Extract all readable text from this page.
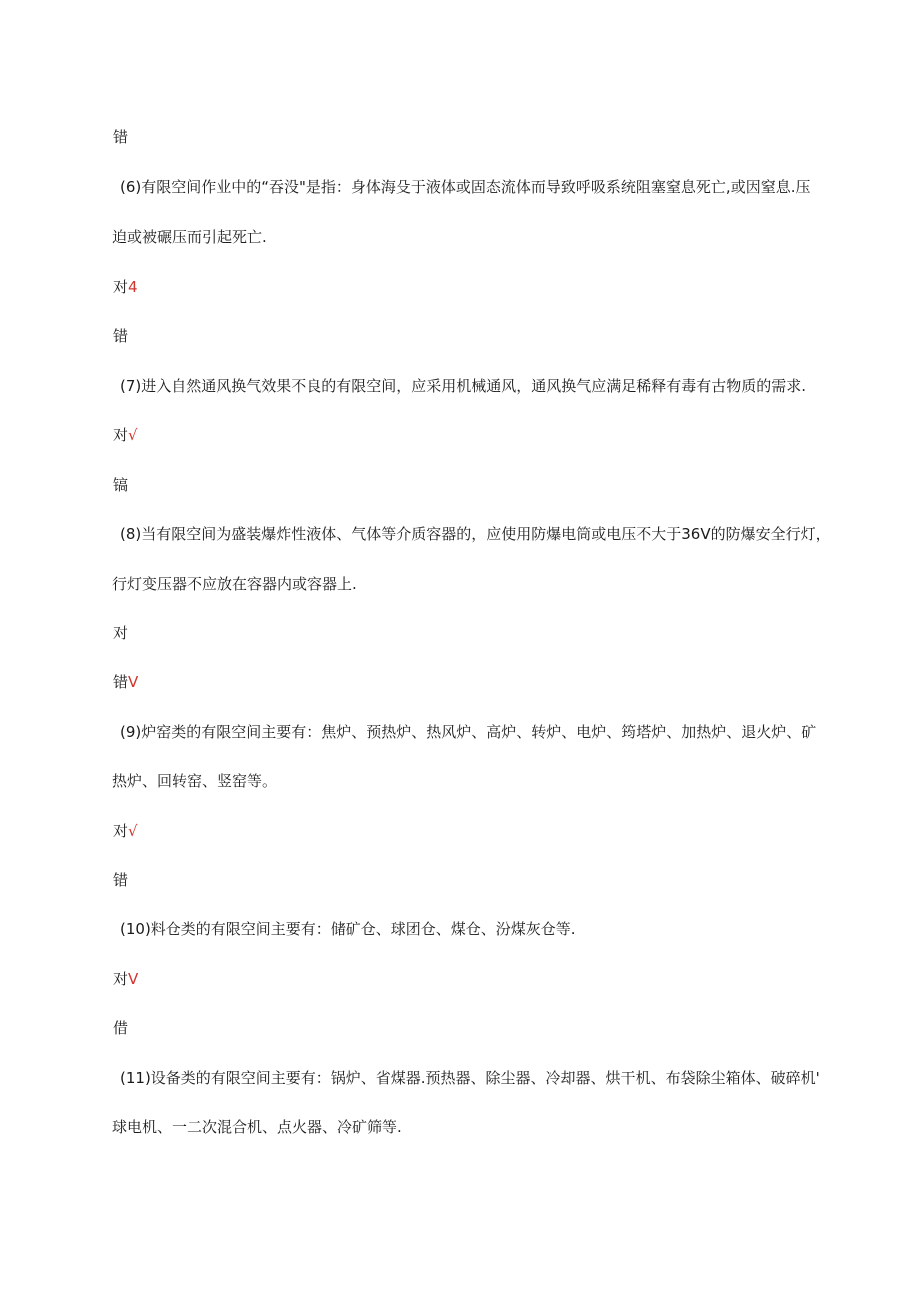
错
(6)有限空间作业中的“吞没"是指：身体海殳于液体或固态流体而导致呼吸系统阻塞窒息死亡,或因窒息.压
迫或被碾压而引起死亡.
对4
错
(7)进入自然通风换气效果不良的有限空间，应采用机械通风，通风换气应满足稀释有毒有古物质的需求.
对√
镐
(8)当有限空间为盛装爆炸性液体、气体等介质容器的，应使用防爆电筒或电压不大于36V的防爆安全行灯，
行灯变压器不应放在容器内或容器上.
对
错V
(9)炉窑类的有限空间主要有：焦炉、预热炉、热风炉、高炉、转炉、电炉、筠塔炉、加热炉、退火炉、矿
热炉、回转窑、竖窑等。
对√
错
(10)料仓类的有限空间主要有：储矿仓、球团仓、煤仓、汾煤灰仓等.
对V
借
(11)设备类的有限空间主要有：锅炉、省煤器.预热器、除尘器、冷却器、烘干机、布袋除尘箱体、破碎机'
球电机、一二次混合机、点火器、冷矿筛等.
